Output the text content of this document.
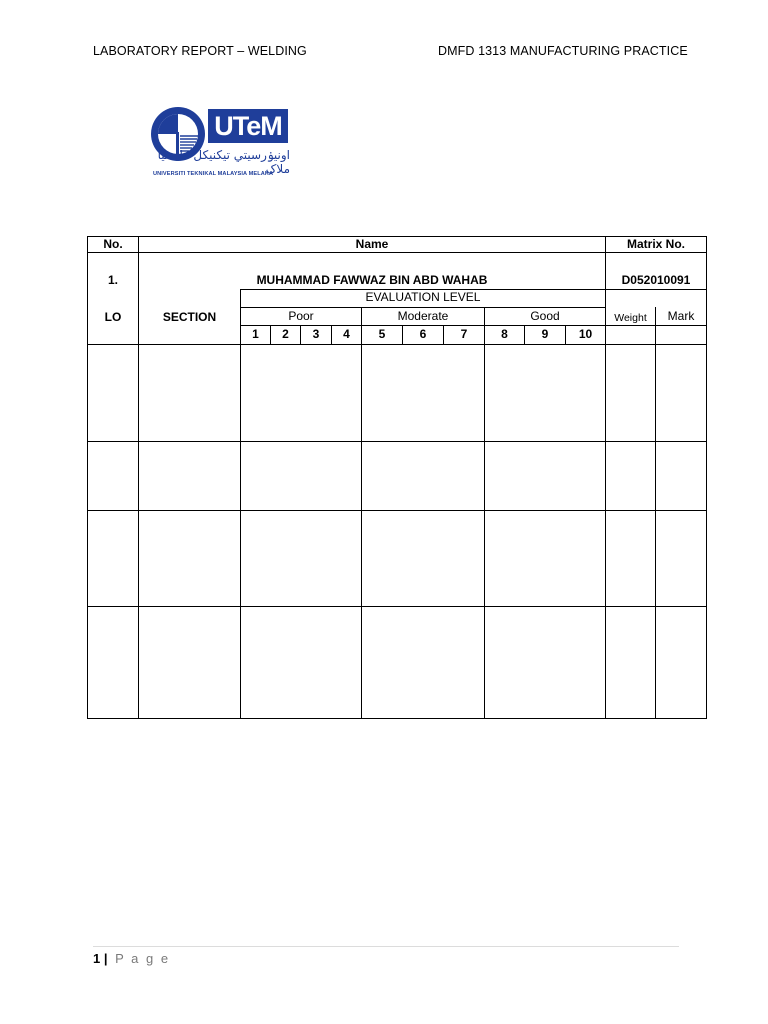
LABORATORY REPORT – WELDING	DMFD 1313 MANUFACTURING PRACTICE
UTeM
اونيۏرسيتي تيکنيکل مليسيا ملاک
UNIVERSITI TEKNIKAL MALAYSIA MELAKA
No.	Name	Matrix No.
1.	MUHAMMAD FAWWAZ BIN ABD WAHAB	D052010091
EVALUATION LEVEL
LO	SECTION	Poor	Moderate	Good	Weight	Mark
1	2	3	4	5	6	7	8	9	10
1 | P a g e
